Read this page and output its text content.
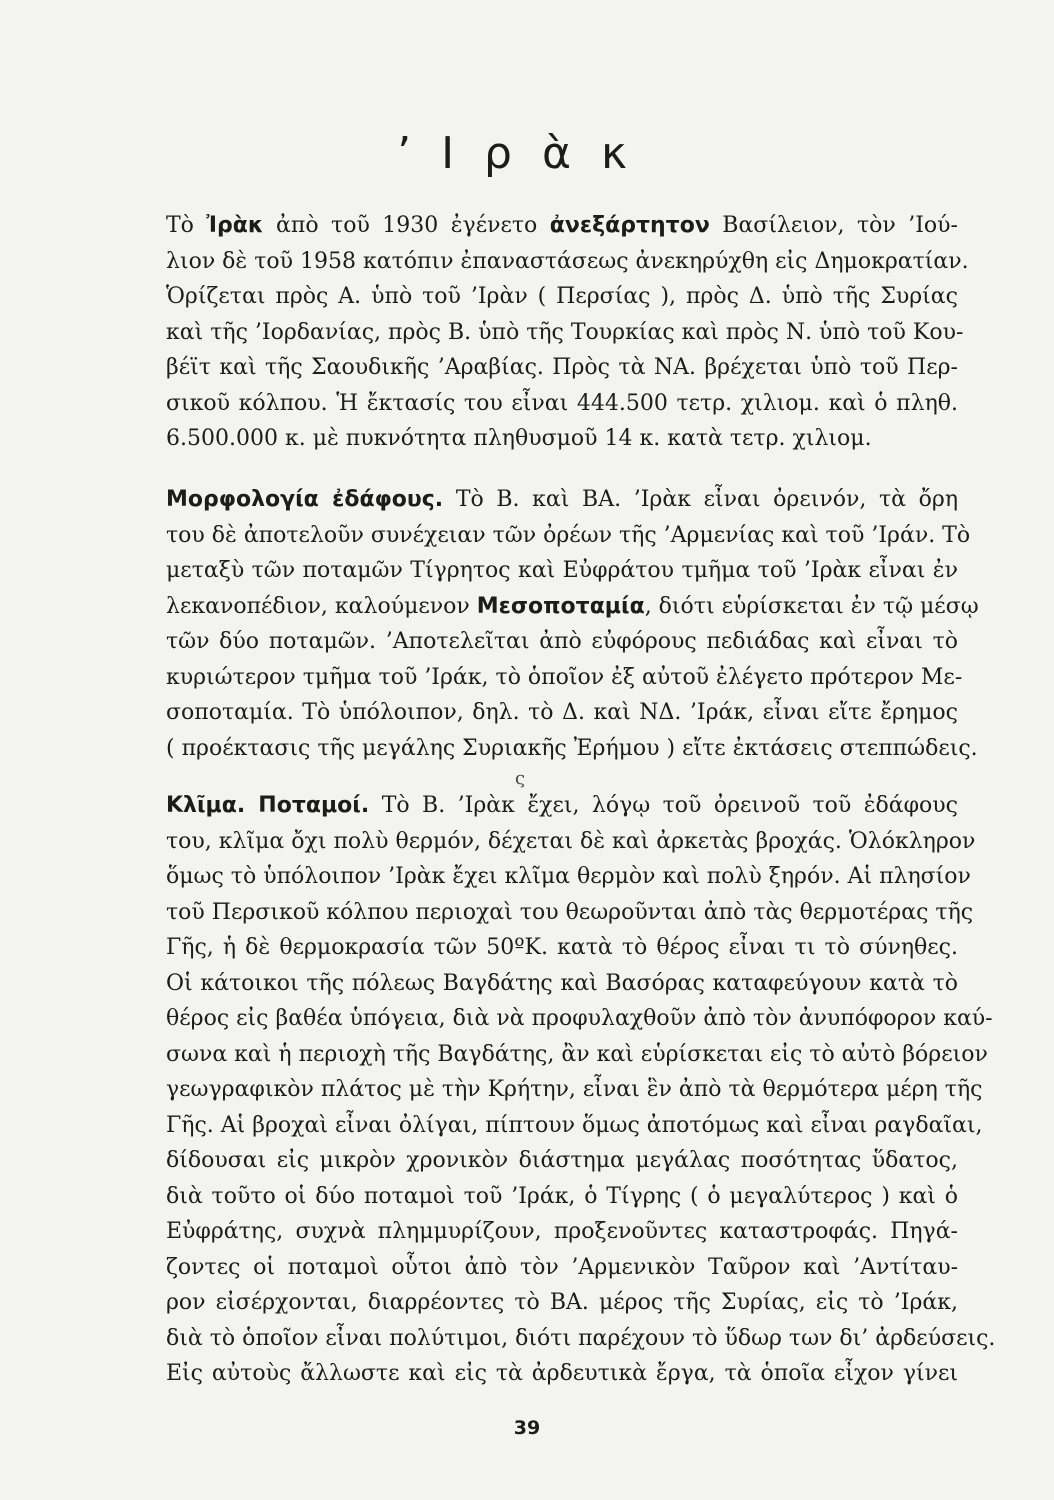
’Ιρὰκ
Τὸ Ἰρὰκ ἀπὸ τοῦ 1930 ἐγένετο ἀνεξάρτητον Βασίλειον, τὸν ’Ιού-
λιον δὲ τοῦ 1958 κατόπιν ἐπαναστάσεως ἀνεκηρύχθη εἰς Δημοκρατίαν.
Ὁρίζεται πρὸς Α. ὑπὸ τοῦ ’Ιρὰν ( Περσίας ), πρὸς Δ. ὑπὸ τῆς Συρίας
καὶ τῆς ’Ιορδανίας, πρὸς Β. ὑπὸ τῆς Τουρκίας καὶ πρὸς Ν. ὑπὸ τοῦ Κου-
βέϊτ καὶ τῆς Σαουδικῆς ’Αραβίας. Πρὸς τὰ ΝΑ. βρέχεται ὑπὸ τοῦ Περ-
σικοῦ κόλπου. Ἡ ἔκτασίς του εἶναι 444.500 τετρ. χιλιομ. καὶ ὁ πληθ.
6.500.000 κ. μὲ πυκνότητα πληθυσμοῦ 14 κ. κατὰ τετρ. χιλιομ.
Μορφολογία ἐδάφους. Τὸ Β. καὶ ΒΑ. ’Ιρὰκ εἶναι ὀρεινόν, τὰ ὄρη
του δὲ ἀποτελοῦν συνέχειαν τῶν ὀρέων τῆς ’Αρμενίας καὶ τοῦ ’Ιράν. Τὸ
μεταξὺ τῶν ποταμῶν Τίγρητος καὶ Εὐφράτου τμῆμα τοῦ ’Ιρὰκ εἶναι ἐν
λεκανοπέδιον, καλούμενον Μεσοποταμία, διότι εὑρίσκεται ἐν τῷ μέσῳ
τῶν δύο ποταμῶν. ’Αποτελεῖται ἀπὸ εὐφόρους πεδιάδας καὶ εἶναι τὸ
κυριώτερον τμῆμα τοῦ ’Ιράκ, τὸ ὁποῖον ἐξ αὐτοῦ ἐλέγετο πρότερον Με-
σοποταμία. Τὸ ὑπόλοιπον, δηλ. τὸ Δ. καὶ ΝΔ. ’Ιράκ, εἶναι εἴτε ἔρημος
( προέκτασις τῆς μεγάλης Συριακῆς Ἐρήμου ) εἴτε ἐκτάσεις στεππώδεις.
ς
Κλῖμα. Ποταμοί. Τὸ Β. ’Ιρὰκ ἔχει, λόγῳ τοῦ ὀρεινοῦ τοῦ ἐδάφους
του, κλῖμα ὄχι πολὺ θερμόν, δέχεται δὲ καὶ ἀρκετὰς βροχάς. Ὁλόκληρον
ὅμως τὸ ὑπόλοιπον ’Ιρὰκ ἔχει κλῖμα θερμὸν καὶ πολὺ ξηρόν. Αἱ πλησίον
τοῦ Περσικοῦ κόλπου περιοχαὶ του θεωροῦνται ἀπὸ τὰς θερμοτέρας τῆς
Γῆς, ἡ δὲ θερμοκρασία τῶν 50ºΚ. κατὰ τὸ θέρος εἶναι τι τὸ σύνηθες.
Οἱ κάτοικοι τῆς πόλεως Βαγδάτης καὶ Βασόρας καταφεύγουν κατὰ τὸ
θέρος εἰς βαθέα ὑπόγεια, διὰ νὰ προφυλαχθοῦν ἀπὸ τὸν ἀνυπόφορον καύ-
σωνα καὶ ἡ περιοχὴ τῆς Βαγδάτης, ἂν καὶ εὑρίσκεται εἰς τὸ αὐτὸ βόρειον
γεωγραφικὸν πλάτος μὲ τὴν Κρήτην, εἶναι ἓν ἀπὸ τὰ θερμότερα μέρη τῆς
Γῆς. Αἱ βροχαὶ εἶναι ὀλίγαι, πίπτουν ὅμως ἀποτόμως καὶ εἶναι ραγδαῖαι,
δίδουσαι εἰς μικρὸν χρονικὸν διάστημα μεγάλας ποσότητας ὕδατος,
διὰ τοῦτο οἱ δύο ποταμοὶ τοῦ ’Ιράκ, ὁ Τίγρης ( ὁ μεγαλύτερος ) καὶ ὁ
Εὐφράτης, συχνὰ πλημμυρίζουν, προξενοῦντες καταστροφάς. Πηγά-
ζοντες οἱ ποταμοὶ οὗτοι ἀπὸ τὸν ’Αρμενικὸν Ταῦρον καὶ ’Αντίταυ-
ρον εἰσέρχονται, διαρρέοντες τὸ ΒΑ. μέρος τῆς Συρίας, εἰς τὸ ’Ιράκ,
διὰ τὸ ὁποῖον εἶναι πολύτιμοι, διότι παρέχουν τὸ ὕδωρ των δι’ ἀρδεύσεις.
Εἰς αὐτοὺς ἄλλωστε καὶ εἰς τὰ ἀρδευτικὰ ἔργα, τὰ ὁποῖα εἶχον γίνει
39
